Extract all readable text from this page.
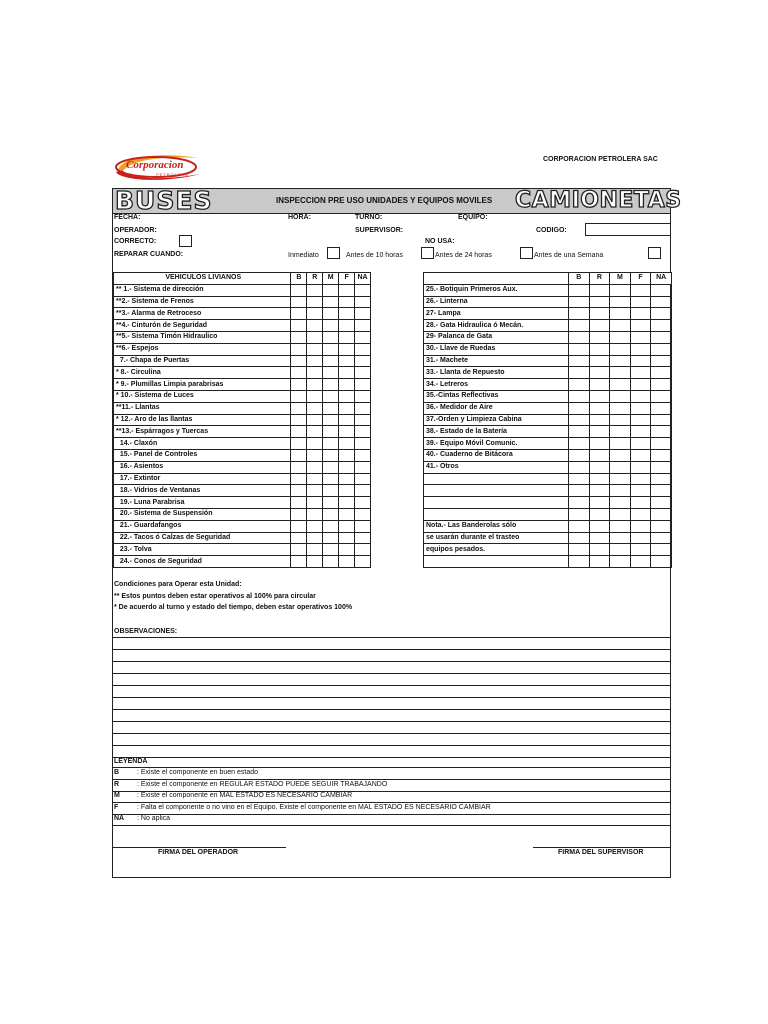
Corporacion
PETROLERA
CORPORACION PETROLERA SAC
BUSES	INSPECCION PRE USO UNIDADES Y EQUIPOS MOVILES CAMIONETAS
FECHA:	HORA:	TURNO:	EQUIPO:
OPERADOR:	SUPERVISOR:	CODIGO:
CORRECTO:	NO USA:
REPARAR CUANDO:	Inmediato	Antes de 10 horas	Antes de 24 horas	Antes de una Semana
VEHICULOS LIVIANOS	B	R	M	F	NA
** 1.- Sistema de dirección					
**2.- Sistema de Frenos					
**3.- Alarma de Retroceso					
**4.- Cinturón de Seguridad					
**5.- Sistema Timón Hidraulico					
**6.- Espejos					
7.- Chapa de Puertas					
* 8.- Circulina					
* 9.- Plumillas Limpia parabrisas					
* 10.- Sistema de Luces					
**11.- Llantas					
* 12.- Aro de las llantas					
**13.- Espárragos y Tuercas					
14.- Claxón					
15.- Panel de Controles					
16.- Asientos					
17.- Extintor					
18.- Vidrios de Ventanas					
19.- Luna Parabrisa					
20.- Sistema de Suspensión					
21.- Guardafangos					
22.- Tacos ó Calzas de Seguridad					
23.- Tolva					
24.- Conos de Seguridad					
	B	R	M	F	NA
25.- Botiquin Primeros Aux.					
26.- Linterna					
27- Lampa					
28.- Gata Hidraulica ó Mecán.					
29- Palanca de Gata					
30.- Llave de Ruedas					
31.- Machete					
33.- Llanta de Repuesto					
34.- Letreros					
35.-Cintas Reflectivas					
36.- Medidor de Aire					
37.-Orden y Limpieza Cabina					
38.- Estado de la Batería					
39.- Equipo Móvil Comunic.					
40.- Cuaderno de Bitácora					
41.- Otros					

Nota.- Las Banderolas sólo					
se usarán durante el trasteo					
equipos pesados.					

Condiciones para Operar esta Unidad:
** Estos puntos deben estar operativos al 100% para circular
* De acuerdo al turno y estado del tiempo, deben estar operativos 100%
OBSERVACIONES:
LEYENDA
B	: Existe el componente en buen estado
R	: Existe el componente en REGULAR ESTADO PUEDE SEGUIR TRABAJANDO
M : Existe el componente en MAL ESTADO ES NECESARIO CAMBIAR
F	: Falta el componente o no vino en el Equipo. Existe el componente en MAL ESTADO ES NECESARIO CAMBIAR
NA : No aplica
FIRMA DEL OPERADOR	FIRMA DEL SUPERVISOR
